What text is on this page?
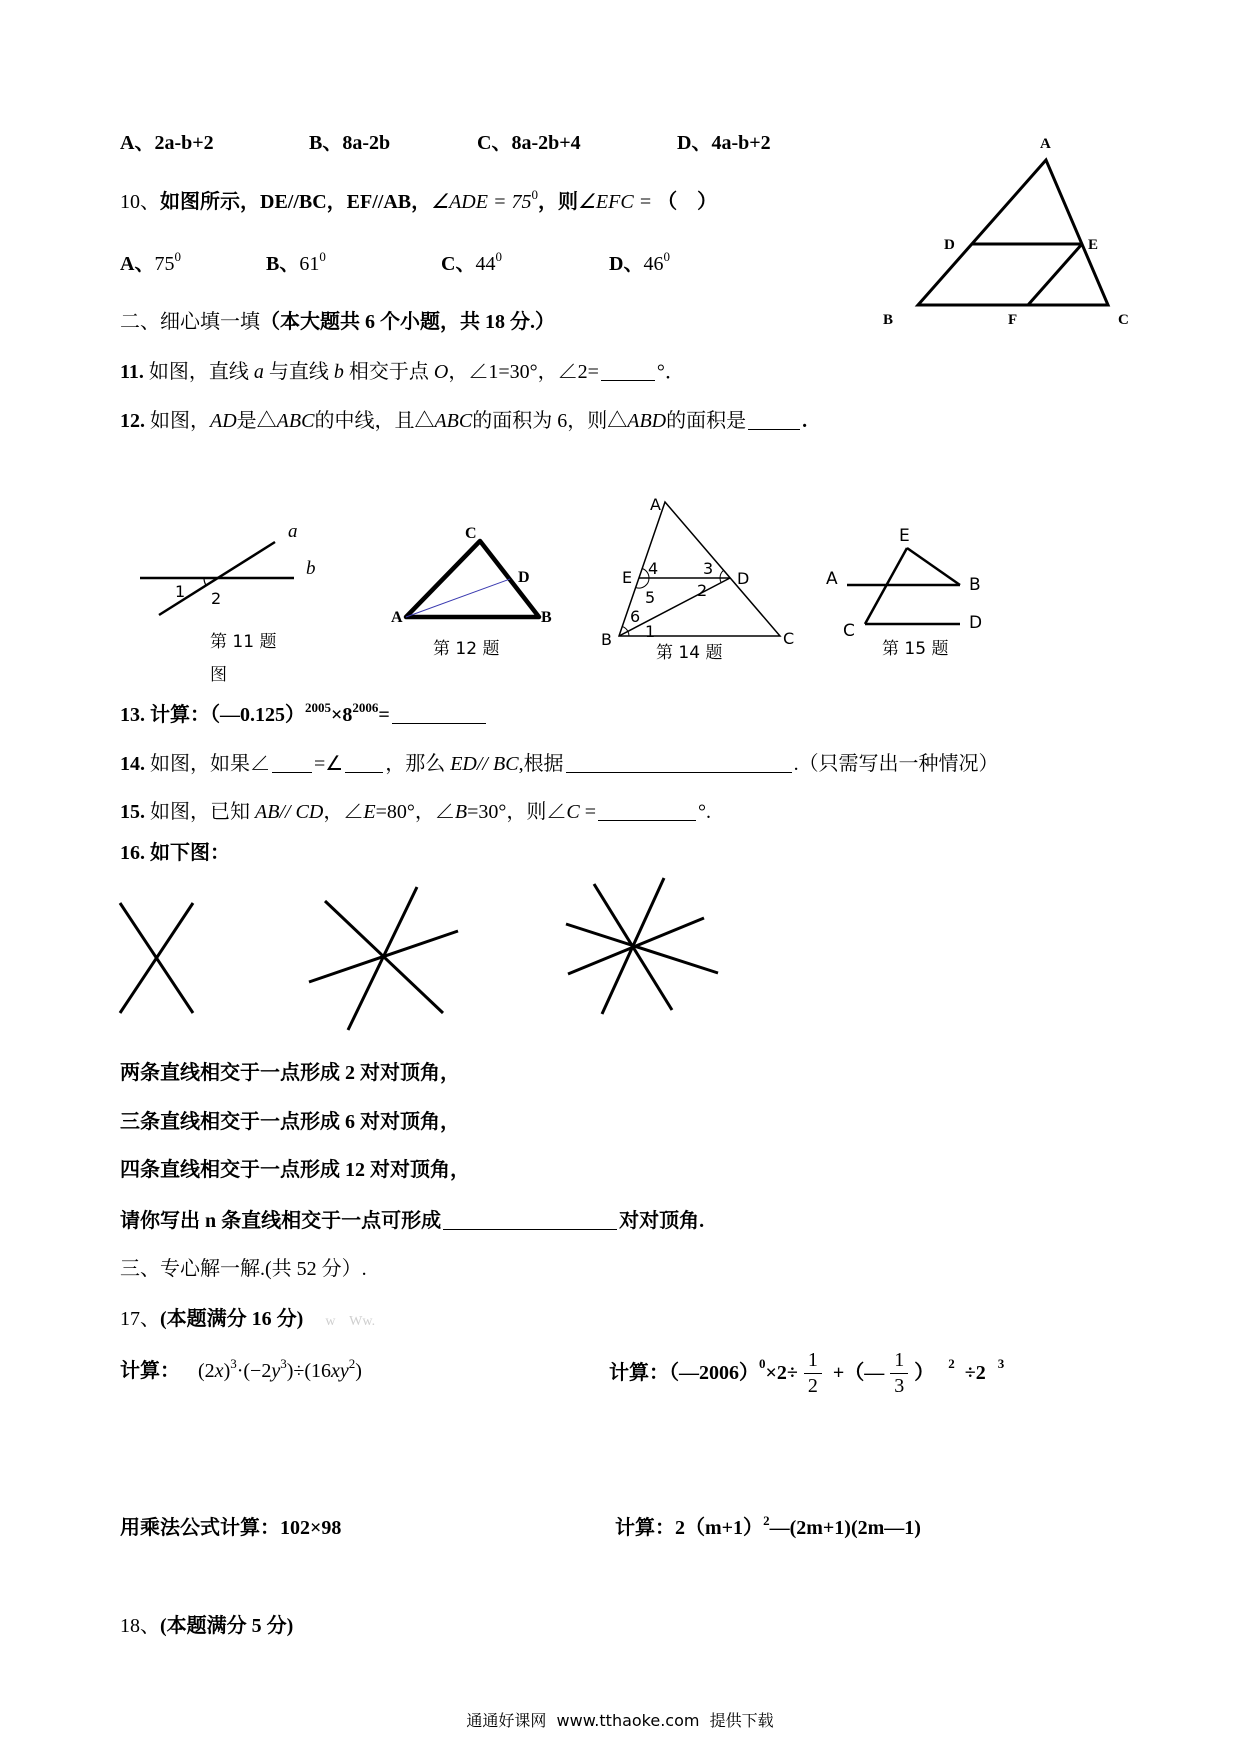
A
D	E
B	F	C
a
b
1 2
C
D
A	B
A
E 4	3
D
5	2
6
B 1	C
E
A	B
C	D
A、2a-b+2	B、8a-2b	C、8a-2b+4	D、4a-b+2
10、 如图所示，DE//BC，EF//AB， ∠ADE = 75 0 ，则 ∠EFC = （    ）
A、 75 0	B、 61 0	C、 44 0	D、 46 0
二、细心填一填 （本大题共 6 个小题，共 18 分.）
11. 如图，直线 a 与直线 b 相交于点 O ，∠1=30°，∠2=	°．
12. 如图， AD 是△ ABC 的中线，且△ ABC 的面积为 6，则△ ABD 的面积是	.
第 11 题
图
第 12 题	第 14 题	第 15 题
13. 计算：（—0.125） 2005 ×8 2006 =
14. 如图，如果∠ =∠ ，那么 ED// BC ,根据	.（只需写出一种情况）
15. 如图，已知 AB// CD ，∠ E =80°，∠ B =30°，则∠ C =	°.
16. 如下图：
两条直线相交于一点形成 2 对对顶角，
三条直线相交于一点形成 6 对对顶角，
四条直线相交于一点形成 12 对对顶角，
请你写出 n 条直线相交于一点可形成	对对顶角.
三、专心解一解.(共 52 分）.
17、 (本题满分 16 分) w    Ww.
计算： (2 x ) 3 ·(−2 y 3 )÷(16 xy 2 )	计算：（—2006） $0 \times 2\div \frac{1}{2}$ +（— $\frac{1}{3}$ ） 2 ÷2 3
用乘法公式计算：102×98	计算：2（m+1） 2 —(2m+1)(2m—1)
18、 (本题满分 5 分)
通通好课网  www.tthaoke.com  提供下载
